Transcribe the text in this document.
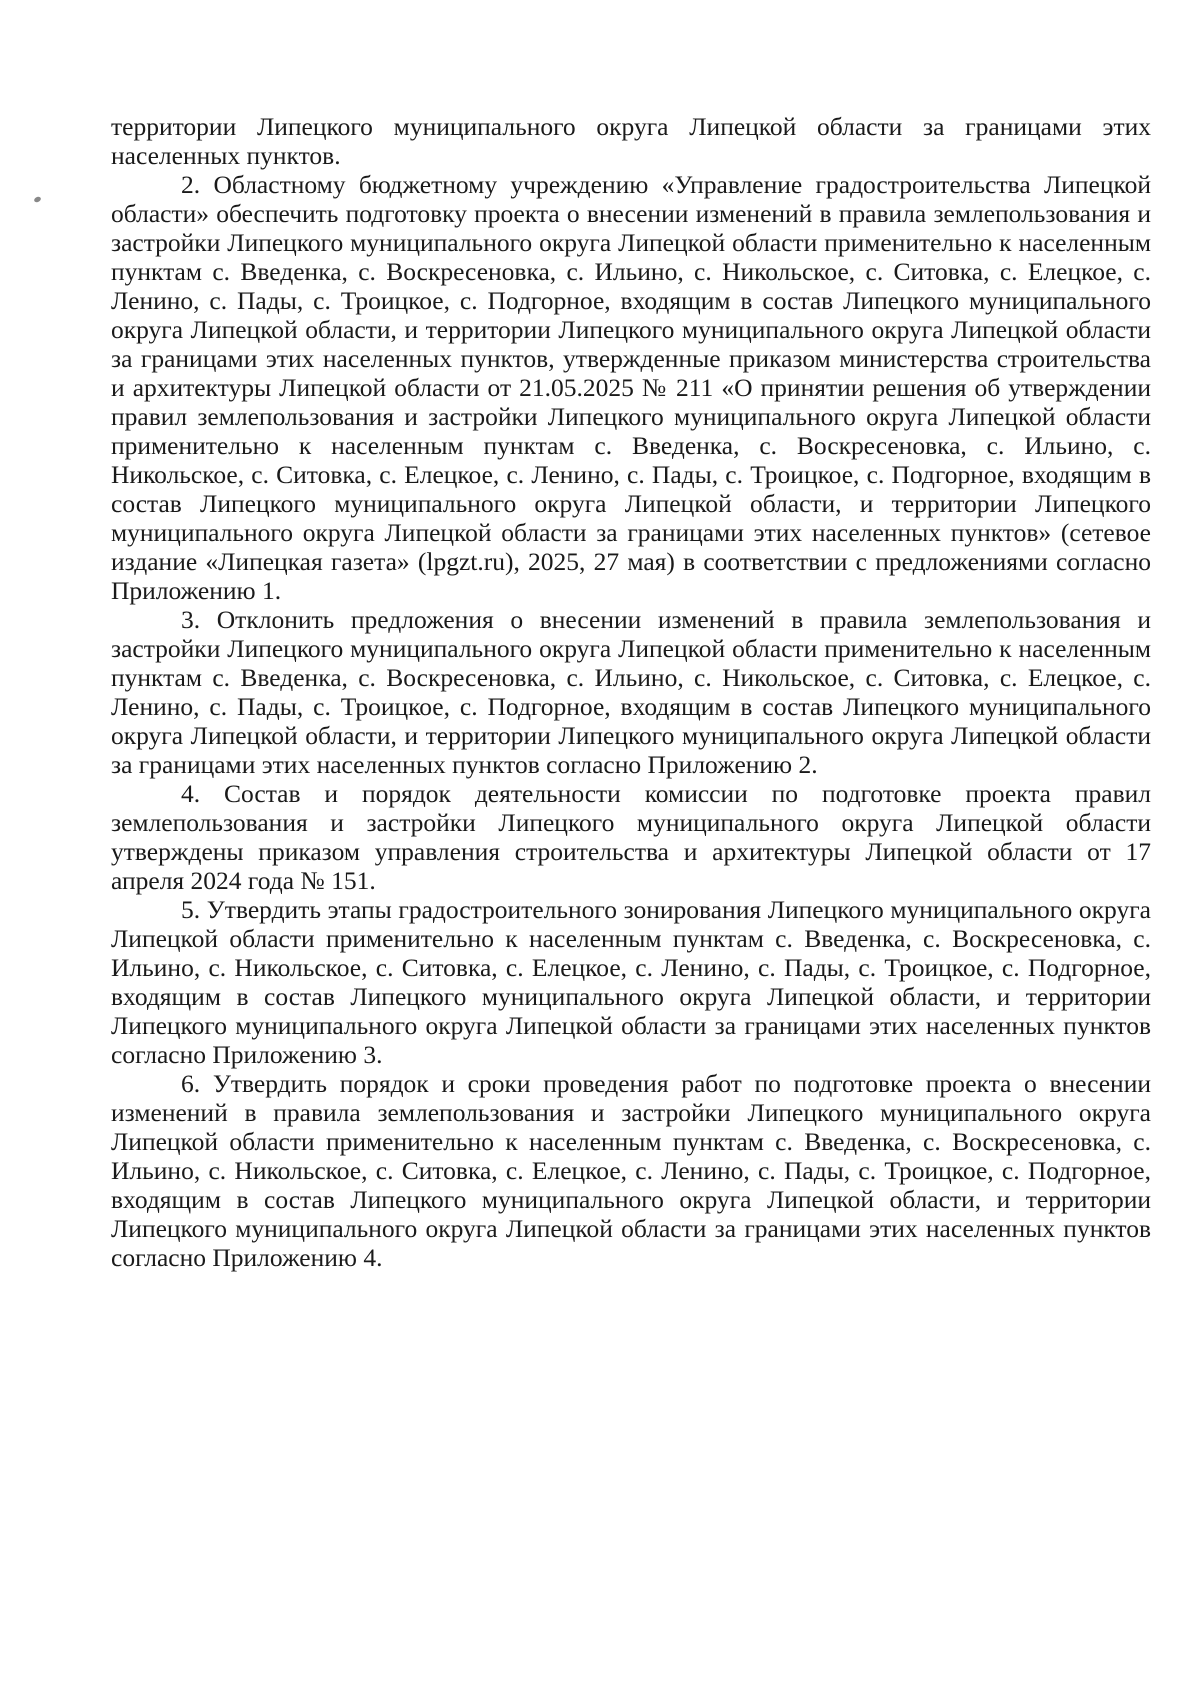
территории Липецкого муниципального округа Липецкой области за границами этих населенных пунктов.

2. Областному бюджетному учреждению «Управление градостроительства Липецкой области» обеспечить подготовку проекта о внесении изменений в правила землепользования и застройки Липецкого муниципального округа Липецкой области применительно к населенным пунктам с. Введенка, с. Воскресеновка, с. Ильино, с. Никольское, с. Ситовка, с. Елецкое, с. Ленино, с. Пады, с. Троицкое, с. Подгорное, входящим в состав Липецкого муниципального округа Липецкой области, и территории Липецкого муниципального округа Липецкой области за границами этих населенных пунктов, утвержденные приказом министерства строительства и архитектуры Липецкой области от 21.05.2025 № 211 «О принятии решения об утверждении правил землепользования и застройки Липецкого муниципального округа Липецкой области применительно к населенным пунктам с. Введенка, с. Воскресеновка, с. Ильино, с. Никольское, с. Ситовка, с. Елецкое, с. Ленино, с. Пады, с. Троицкое, с. Подгорное, входящим в состав Липецкого муниципального округа Липецкой области, и территории Липецкого муниципального округа Липецкой области за границами этих населенных пунктов» (сетевое издание «Липецкая газета» (lpgzt.ru), 2025, 27 мая) в соответствии с предложениями согласно Приложению 1.

3. Отклонить предложения о внесении изменений в правила землепользования и застройки Липецкого муниципального округа Липецкой области применительно к населенным пунктам с. Введенка, с. Воскресеновка, с. Ильино, с. Никольское, с. Ситовка, с. Елецкое, с. Ленино, с. Пады, с. Троицкое, с. Подгорное, входящим в состав Липецкого муниципального округа Липецкой области, и территории Липецкого муниципального округа Липецкой области за границами этих населенных пунктов согласно Приложению 2.

4. Состав и порядок деятельности комиссии по подготовке проекта правил землепользования и застройки Липецкого муниципального округа Липецкой области утверждены приказом управления строительства и архитектуры Липецкой области от 17 апреля 2024 года № 151.

5. Утвердить этапы градостроительного зонирования Липецкого муниципального округа Липецкой области применительно к населенным пунктам с. Введенка, с. Воскресеновка, с. Ильино, с. Никольское, с. Ситовка, с. Елецкое, с. Ленино, с. Пады, с. Троицкое, с. Подгорное, входящим в состав Липецкого муниципального округа Липецкой области, и территории Липецкого муниципального округа Липецкой области за границами этих населенных пунктов согласно Приложению 3.

6. Утвердить порядок и сроки проведения работ по подготовке проекта о внесении изменений в правила землепользования и застройки Липецкого муниципального округа Липецкой области применительно к населенным пунктам с. Введенка, с. Воскресеновка, с. Ильино, с. Никольское, с. Ситовка, с. Елецкое, с. Ленино, с. Пады, с. Троицкое, с. Подгорное, входящим в состав Липецкого муниципального округа Липецкой области, и территории Липецкого муниципального округа Липецкой области за границами этих населенных пунктов согласно Приложению 4.
